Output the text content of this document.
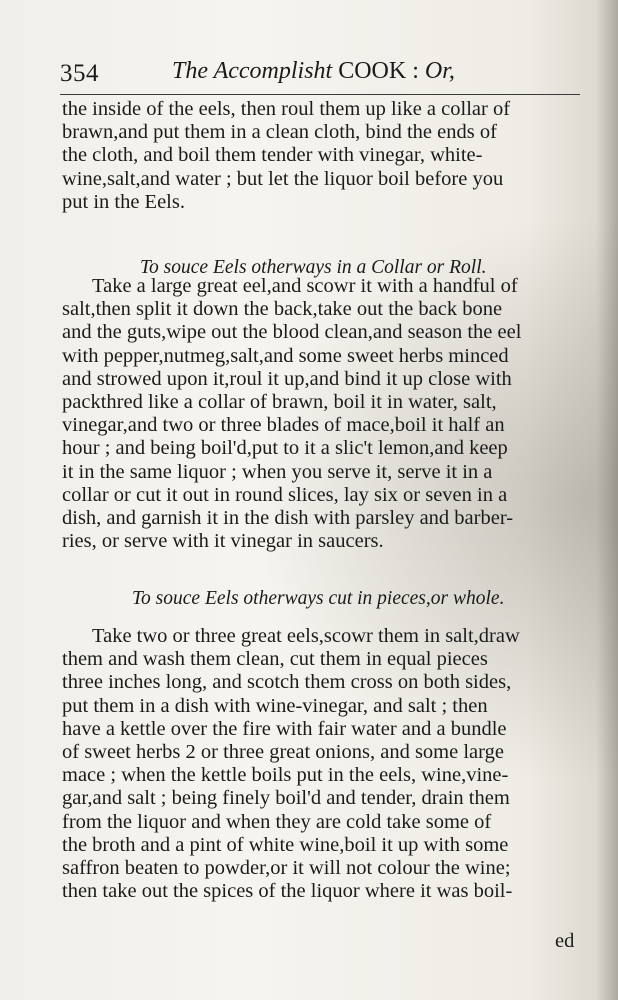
354	The Accomplisht COOK : Or,
the inside of the eels, then roul them up like a collar of
brawn,and put them in a clean cloth, bind the ends of
the cloth, and boil them tender with vinegar, white-
wine,salt,and water ; but let the liquor boil before you
put in the Eels.
To souce Eels otherways in a Collar or Roll.
Take a large great eel,and scowr it with a handful of
salt,then split it down the back,take out the back bone
and the guts,wipe out the blood clean,and season the eel
with pepper,nutmeg,salt,and some sweet herbs minced
and strowed upon it,roul it up,and bind it up close with
packthred like a collar of brawn, boil it in water, salt,
vinegar,and two or three blades of mace,boil it half an
hour ; and being boil'd,put to it a slic't lemon,and keep
it in the same liquor ; when you serve it, serve it in a
collar or cut it out in round slices, lay six or seven in a
dish, and garnish it in the dish with parsley and barber-
ries, or serve with it vinegar in saucers.
To souce Eels otherways cut in pieces,or whole.
Take two or three great eels,scowr them in salt,draw
them and wash them clean, cut them in equal pieces
three inches long, and scotch them cross on both sides,
put them in a dish with wine-vinegar, and salt ; then
have a kettle over the fire with fair water and a bundle
of sweet herbs 2 or three great onions, and some large
mace ; when the kettle boils put in the eels, wine,vine-
gar,and salt ; being finely boil'd and tender, drain them
from the liquor and when they are cold take some of
the broth and a pint of white wine,boil it up with some
saffron beaten to powder,or it will not colour the wine;
then take out the spices of the liquor where it was boil-
ed
